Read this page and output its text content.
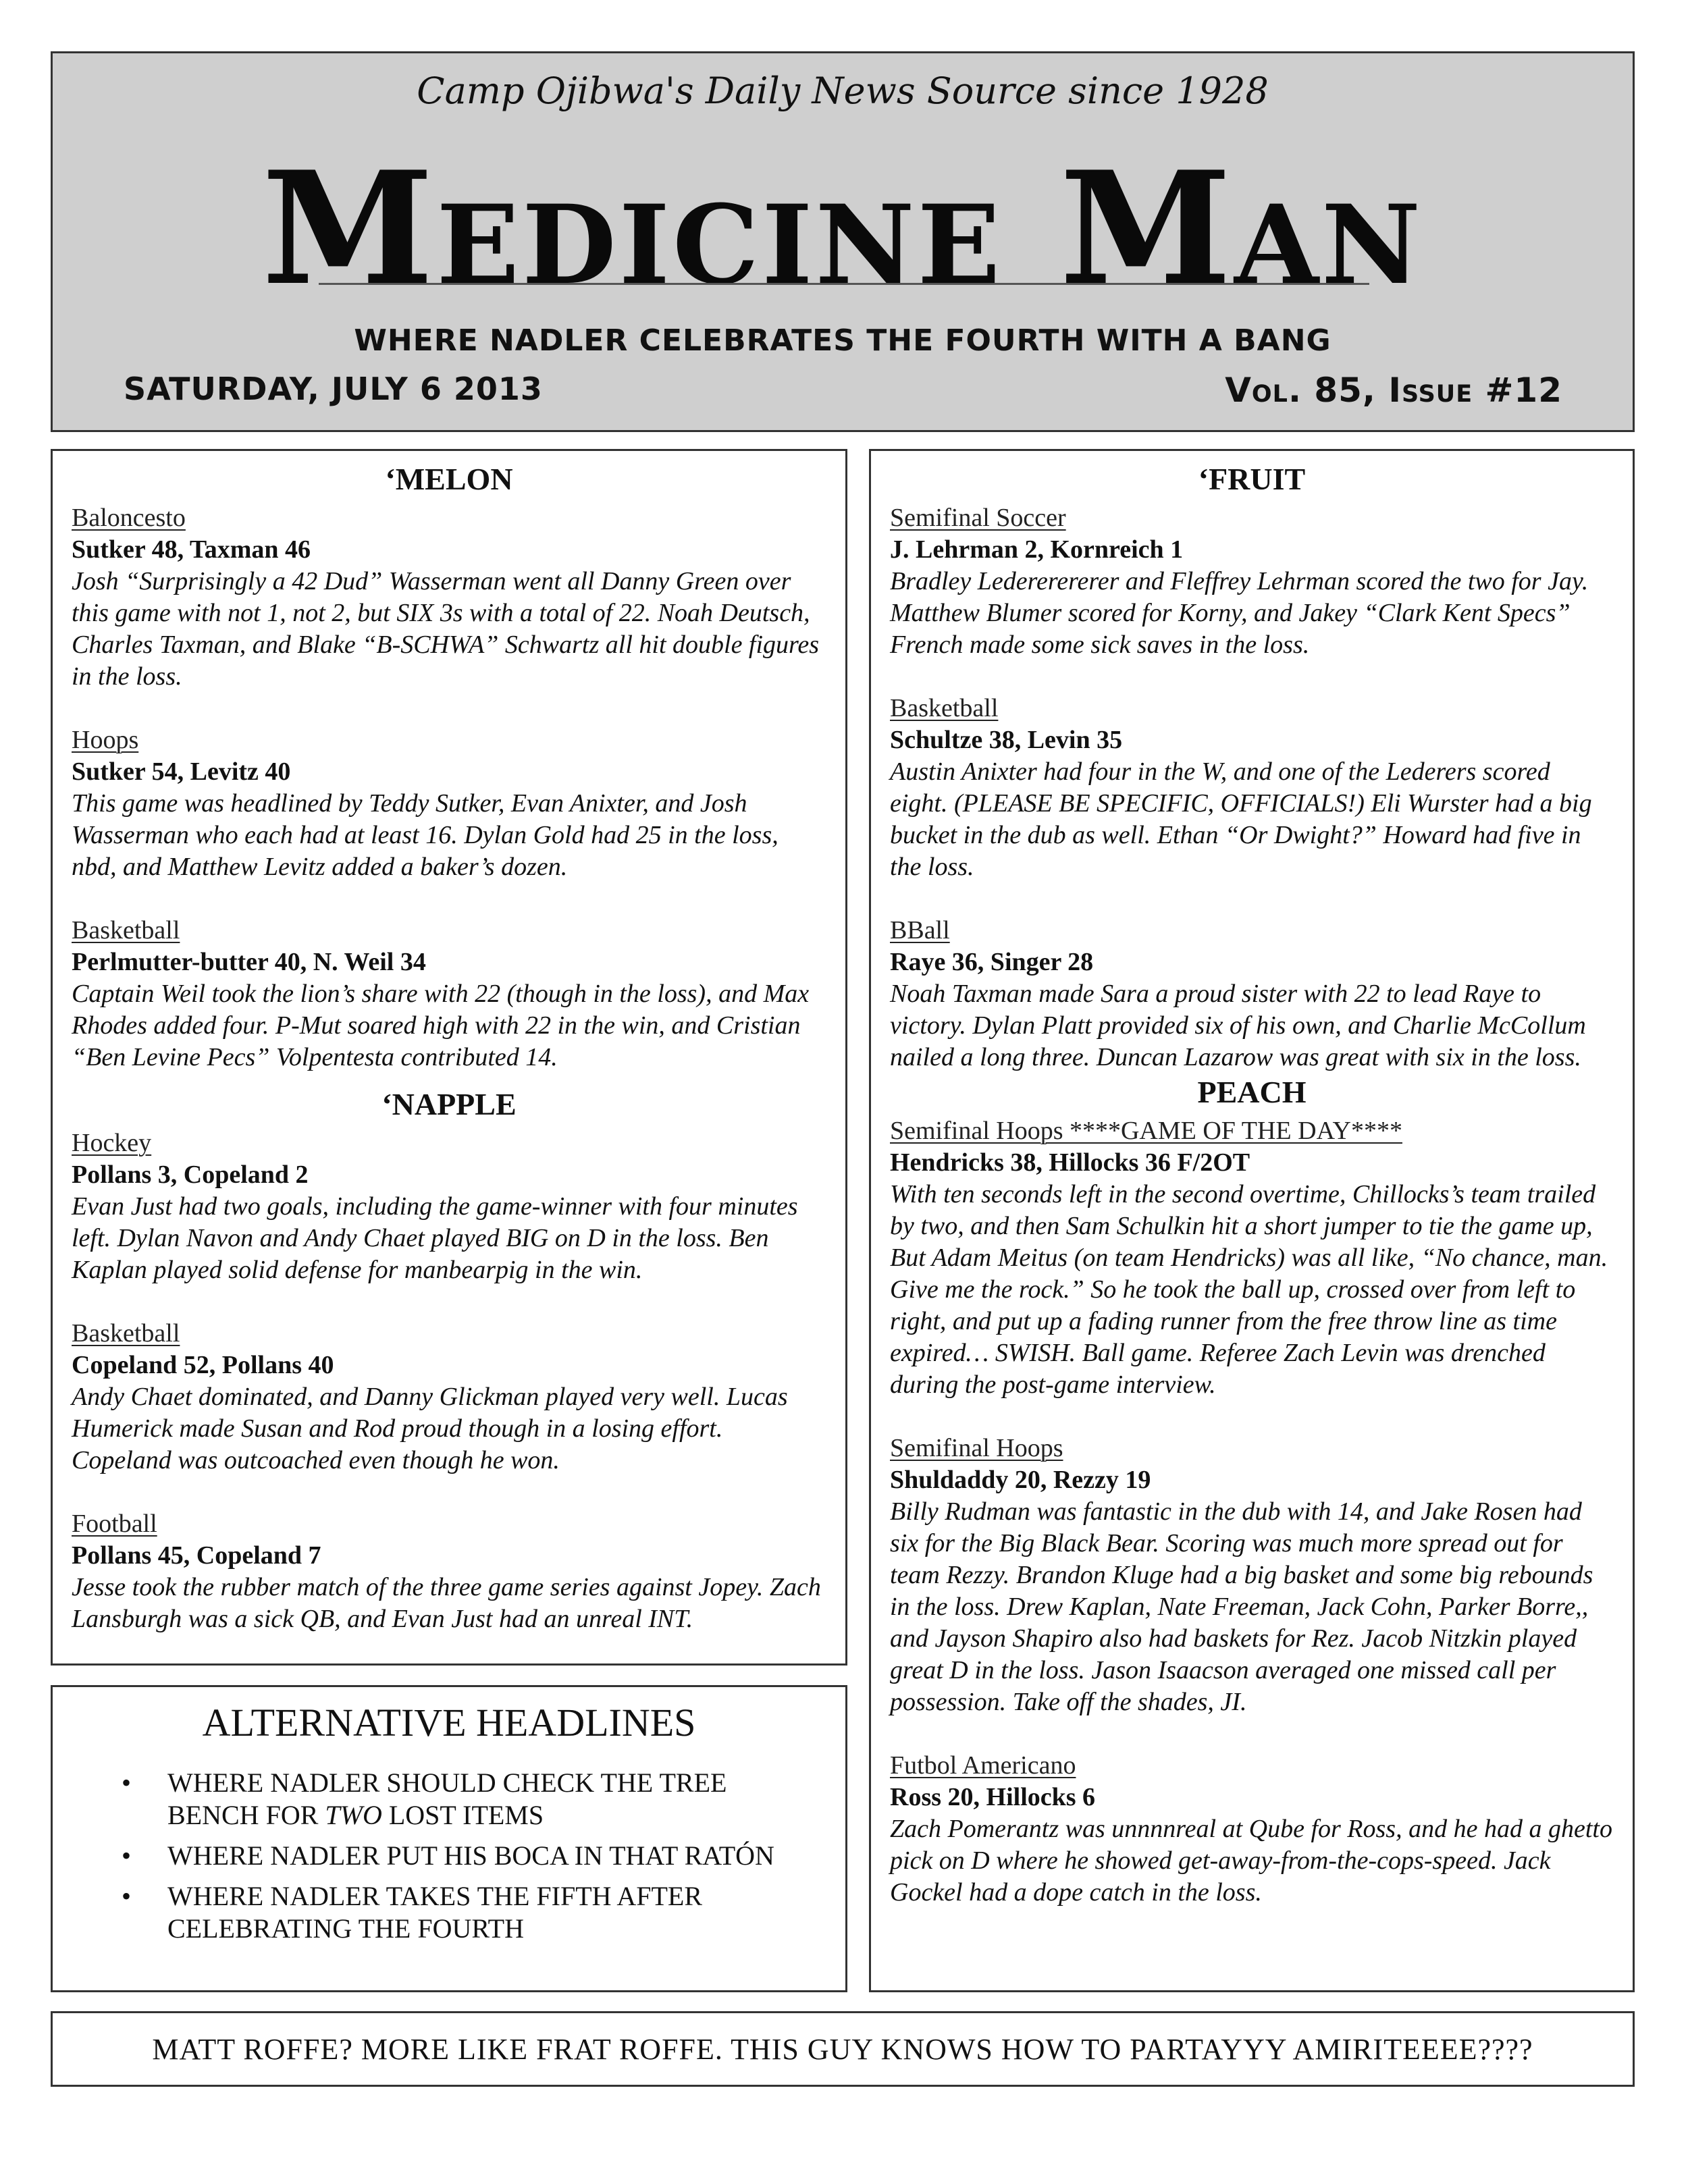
Camp Ojibwa's Daily News Source since 1928
Medicine Man
WHERE NADLER CELEBRATES THE FOURTH WITH A BANG
SATURDAY, JULY 6 2013	Vol. 85, Issue #12
‘MELON
Baloncesto
Sutker 48, Taxman 46
Josh “Surprisingly a 42 Dud” Wasserman went all Danny Green over this game with not 1, not 2, but SIX 3s with a total of 22. Noah Deutsch, Charles Taxman, and Blake “B-SCHWA” Schwartz all hit double figures in the loss.
Hoops
Sutker 54, Levitz 40
This game was headlined by Teddy Sutker, Evan Anixter, and Josh Wasserman who each had at least 16. Dylan Gold had 25 in the loss, nbd, and Matthew Levitz added a baker’s dozen.
Basketball
Perlmutter-butter 40, N. Weil 34
Captain Weil took the lion’s share with 22 (though in the loss), and Max Rhodes added four. P-Mut soared high with 22 in the win, and Cristian “Ben Levine Pecs” Volpentesta contributed 14.
‘NAPPLE
Hockey
Pollans 3, Copeland 2
Evan Just had two goals, including the game-winner with four minutes left. Dylan Navon and Andy Chaet played BIG on D in the loss. Ben Kaplan played solid defense for manbearpig in the win.
Basketball
Copeland 52, Pollans 40
Andy Chaet dominated, and Danny Glickman played very well. Lucas Humerick made Susan and Rod proud though in a losing effort. Copeland was outcoached even though he won.
Football
Pollans 45, Copeland 7
Jesse took the rubber match of the three game series against Jopey. Zach Lansburgh was a sick QB, and Evan Just had an unreal INT.
ALTERNATIVE HEADLINES
• WHERE NADLER SHOULD CHECK THE TREE BENCH FOR TWO LOST ITEMS
• WHERE NADLER PUT HIS BOCA IN THAT RATÓN
• WHERE NADLER TAKES THE FIFTH AFTER CELEBRATING THE FOURTH
‘FRUIT
Semifinal Soccer
J. Lehrman 2, Kornreich 1
Bradley Ledererererer and Fleffrey Lehrman scored the two for Jay. Matthew Blumer scored for Korny, and Jakey “Clark Kent Specs” French made some sick saves in the loss.
Basketball
Schultze 38, Levin 35
Austin Anixter had four in the W, and one of the Lederers scored eight. (PLEASE BE SPECIFIC, OFFICIALS!) Eli Wurster had a big bucket in the dub as well. Ethan “Or Dwight?” Howard had five in the loss.
BBall
Raye 36, Singer 28
Noah Taxman made Sara a proud sister with 22 to lead Raye to victory. Dylan Platt provided six of his own, and Charlie McCollum nailed a long three. Duncan Lazarow was great with six in the loss.
PEACH
Semifinal Hoops ****GAME OF THE DAY****
Hendricks 38, Hillocks 36 F/2OT
With ten seconds left in the second overtime, Chillocks’s team trailed by two, and then Sam Schulkin hit a short jumper to tie the game up, But Adam Meitus (on team Hendricks) was all like, “No chance, man. Give me the rock.” So he took the ball up, crossed over from left to right, and put up a fading runner from the free throw line as time expired… SWISH. Ball game. Referee Zach Levin was drenched during the post-game interview.
Semifinal Hoops
Shuldaddy 20, Rezzy 19
Billy Rudman was fantastic in the dub with 14, and Jake Rosen had six for the Big Black Bear. Scoring was much more spread out for team Rezzy. Brandon Kluge had a big basket and some big rebounds in the loss. Drew Kaplan, Nate Freeman, Jack Cohn, Parker Borre,, and Jayson Shapiro also had baskets for Rez. Jacob Nitzkin played great D in the loss. Jason Isaacson averaged one missed call per possession. Take off the shades, JI.
Futbol Americano
Ross 20, Hillocks 6
Zach Pomerantz was unnnnreal at Qube for Ross, and he had a ghetto pick on D where he showed get-away-from-the-cops-speed. Jack Gockel had a dope catch in the loss.
MATT ROFFE? MORE LIKE FRAT ROFFE. THIS GUY KNOWS HOW TO PARTAYYY AMIRITEEEE????
